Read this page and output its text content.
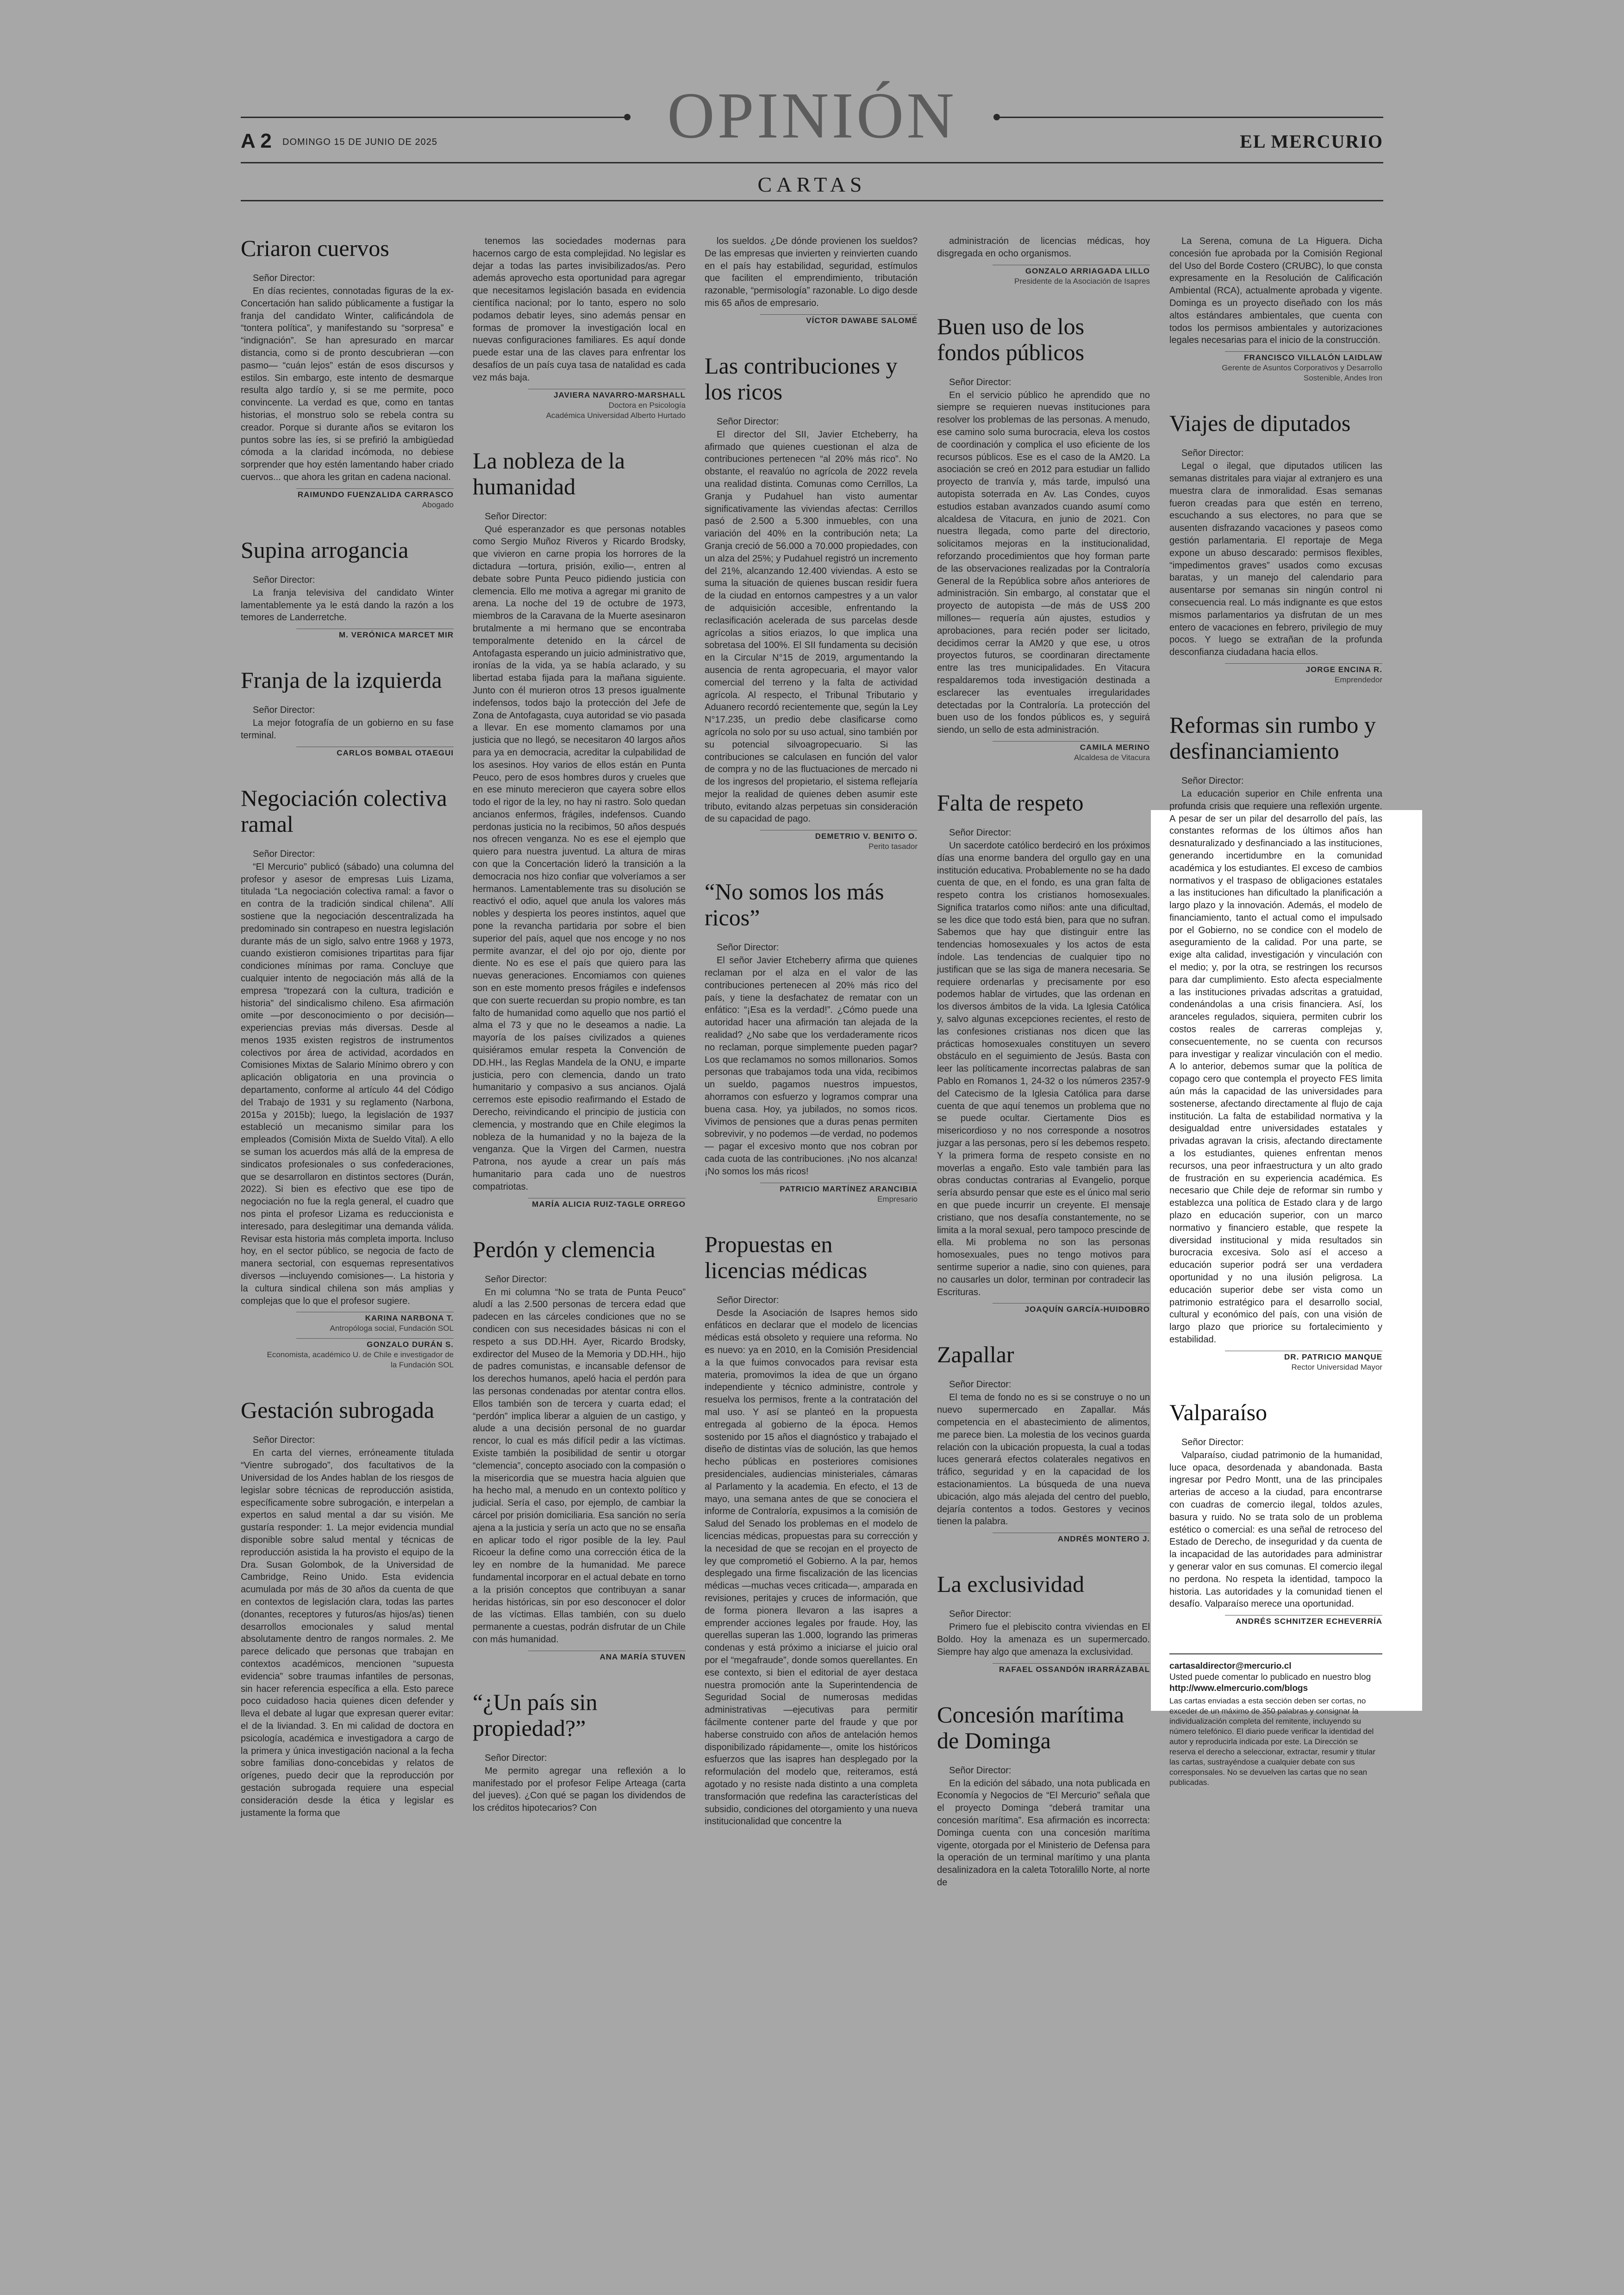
OPINIÓN
A 2 DOMINGO 15 DE JUNIO DE 2025	EL MERCURIO
CARTAS
Criaron cuervos

Señor Director:

En días recientes, connotadas figuras de la ex-Concertación han salido públicamente a fustigar la franja del candidato Winter, calificándola de “tontera política”, y manifestando su “sorpresa” e “indignación”. Se han apresurado en marcar distancia, como si de pronto descubrieran —con pasmo— “cuán lejos” están de esos discursos y estilos. Sin embargo, este intento de desmarque resulta algo tardío y, si se me permite, poco convincente. La verdad es que, como en tantas historias, el monstruo solo se rebela contra su creador. Porque si durante años se evitaron los puntos sobre las íes, si se prefirió la ambigüedad cómoda a la claridad incómoda, no debiese sorprender que hoy estén lamentando haber criado cuervos... que ahora les gritan en cadena nacional.

RAIMUNDO FUENZALIDA CARRASCO
Abogado
Supina arrogancia

Señor Director:

La franja televisiva del candidato Winter lamentablemente ya le está dando la razón a los temores de Landerretche.

M. VERÓNICA MARCET MIR
Franja de la izquierda

Señor Director:

La mejor fotografía de un gobierno en su fase terminal.

CARLOS BOMBAL OTAEGUI
Negociación colectiva ramal

Señor Director:

“El Mercurio” publicó (sábado) una columna del profesor y asesor de empresas Luis Lizama, titulada “La negociación colectiva ramal: a favor o en contra de la tradición sindical chilena”. Allí sostiene que la negociación descentralizada ha predominado sin contrapeso en nuestra legislación durante más de un siglo, salvo entre 1968 y 1973, cuando existieron comisiones tripartitas para fijar condiciones mínimas por rama. Concluye que cualquier intento de negociación más allá de la empresa “tropezará con la cultura, tradición e historia” del sindicalismo chileno. Esa afirmación omite —por desconocimiento o por decisión— experiencias previas más diversas. Desde al menos 1935 existen registros de instrumentos colectivos por área de actividad, acordados en Comisiones Mixtas de Salario Mínimo obrero y con aplicación obligatoria en una provincia o departamento, conforme al artículo 44 del Código del Trabajo de 1931 y su reglamento (Narbona, 2015a y 2015b); luego, la legislación de 1937 estableció un mecanismo similar para los empleados (Comisión Mixta de Sueldo Vital). A ello se suman los acuerdos más allá de la empresa de sindicatos profesionales o sus confederaciones, que se desarrollaron en distintos sectores (Durán, 2022). Si bien es efectivo que ese tipo de negociación no fue la regla general, el cuadro que nos pinta el profesor Lizama es reduccionista e interesado, para deslegitimar una demanda válida. Revisar esta historia más completa importa. Incluso hoy, en el sector público, se negocia de facto de manera sectorial, con esquemas representativos diversos —incluyendo comisiones—. La historia y la cultura sindical chilena son más amplias y complejas que lo que el profesor sugiere.

KARINA NARBONA T.
Antropóloga social, Fundación SOL
GONZALO DURÁN S.
Economista, académico U. de Chile e investigador de
la Fundación SOL
Gestación subrogada

Señor Director:

En carta del viernes, erróneamente titulada “Vientre subrogado”, dos facultativos de la Universidad de los Andes hablan de los riesgos de legislar sobre técnicas de reproducción asistida, específicamente sobre subrogación, e interpelan a expertos en salud mental a dar su visión. Me gustaría responder: 1. La mejor evidencia mundial disponible sobre salud mental y técnicas de reproducción asistida la ha provisto el equipo de la Dra. Susan Golombok, de la Universidad de Cambridge, Reino Unido. Esta evidencia acumulada por más de 30 años da cuenta de que en contextos de legislación clara, todas las partes (donantes, receptores y futuros/as hijos/as) tienen desarrollos emocionales y salud mental absolutamente dentro de rangos normales. 2. Me parece delicado que personas que trabajan en contextos académicos, mencionen “supuesta evidencia” sobre traumas infantiles de personas, sin hacer referencia específica a ella. Esto parece poco cuidadoso hacia quienes dicen defender y lleva el debate al lugar que expresan querer evitar: el de la liviandad. 3. En mi calidad de doctora en psicología, académica e investigadora a cargo de la primera y única investigación nacional a la fecha sobre familias dono-concebidas y relatos de orígenes, puedo decir que la reproducción por gestación subrogada requiere una especial consideración desde la ética y legislar es justamente la forma que

tenemos las sociedades modernas para hacernos cargo de esta complejidad. No legislar es dejar a todas las partes invisibilizados/as. Pero además aprovecho esta oportunidad para agregar que necesitamos legislación basada en evidencia científica nacional; por lo tanto, espero no solo podamos debatir leyes, sino además pensar en formas de promover la investigación local en nuevas configuraciones familiares. Es aquí donde puede estar una de las claves para enfrentar los desafíos de un país cuya tasa de natalidad es cada vez más baja.

JAVIERA NAVARRO-MARSHALL
Doctora en Psicología
Académica Universidad Alberto Hurtado
La nobleza de la humanidad

Señor Director:

Qué esperanzador es que personas notables como Sergio Muñoz Riveros y Ricardo Brodsky, que vivieron en carne propia los horrores de la dictadura —tortura, prisión, exilio—, entren al debate sobre Punta Peuco pidiendo justicia con clemencia. Ello me motiva a agregar mi granito de arena. La noche del 19 de octubre de 1973, miembros de la Caravana de la Muerte asesinaron brutalmente a mi hermano que se encontraba temporalmente detenido en la cárcel de Antofagasta esperando un juicio administrativo que, ironías de la vida, ya se había aclarado, y su libertad estaba fijada para la mañana siguiente. Junto con él murieron otros 13 presos igualmente indefensos, todos bajo la protección del Jefe de Zona de Antofagasta, cuya autoridad se vio pasada a llevar. En ese momento clamamos por una justicia que no llegó, se necesitaron 40 largos años para ya en democracia, acreditar la culpabilidad de los asesinos. Hoy varios de ellos están en Punta Peuco, pero de esos hombres duros y crueles que en ese minuto merecieron que cayera sobre ellos todo el rigor de la ley, no hay ni rastro. Solo quedan ancianos enfermos, frágiles, indefensos. Cuando perdonas justicia no la recibimos, 50 años después nos ofrecen venganza. No es ese el ejemplo que quiero para nuestra juventud. La altura de miras con que la Concertación lideró la transición a la democracia nos hizo confiar que volveríamos a ser hermanos. Lamentablemente tras su disolución se reactivó el odio, aquel que anula los valores más nobles y despierta los peores instintos, aquel que pone la revancha partidaria por sobre el bien superior del país, aquel que nos encoge y no nos permite avanzar, el del ojo por ojo, diente por diente. No es ese el país que quiero para las nuevas generaciones. Encomiamos con quienes son en este momento presos frágiles e indefensos que con suerte recuerdan su propio nombre, es tan falto de humanidad como aquello que nos partió el alma el 73 y que no le deseamos a nadie. La mayoría de los países civilizados a quienes quisiéramos emular respeta la Convención de DD.HH., las Reglas Mandela de la ONU, e imparte justicia, pero con clemencia, dando un trato humanitario y compasivo a sus ancianos. Ojalá cerremos este episodio reafirmando el Estado de Derecho, reivindicando el principio de justicia con clemencia, y mostrando que en Chile elegimos la nobleza de la humanidad y no la bajeza de la venganza. Que la Virgen del Carmen, nuestra Patrona, nos ayude a crear un país más humanitario para cada uno de nuestros compatriotas.

MARÍA ALICIA RUIZ-TAGLE ORREGO
Perdón y clemencia

Señor Director:

En mi columna “No se trata de Punta Peuco” aludí a las 2.500 personas de tercera edad que padecen en las cárceles condiciones que no se condicen con sus necesidades básicas ni con el respeto a sus DD.HH. Ayer, Ricardo Brodsky, exdirector del Museo de la Memoria y DD.HH., hijo de padres comunistas, e incansable defensor de los derechos humanos, apeló hacia el perdón para las personas condenadas por atentar contra ellos. Ellos también son de tercera y cuarta edad; el “perdón” implica liberar a alguien de un castigo, y alude a una decisión personal de no guardar rencor, lo cual es más difícil pedir a las víctimas. Existe también la posibilidad de sentir u otorgar “clemencia”, concepto asociado con la compasión o la misericordia que se muestra hacia alguien que ha hecho mal, a menudo en un contexto político y judicial. Sería el caso, por ejemplo, de cambiar la cárcel por prisión domiciliaria. Esa sanción no sería ajena a la justicia y sería un acto que no se ensaña en aplicar todo el rigor posible de la ley. Paul Ricoeur la define como una corrección ética de la ley en nombre de la humanidad. Me parece fundamental incorporar en el actual debate en torno a la prisión conceptos que contribuyan a sanar heridas históricas, sin por eso desconocer el dolor de las víctimas. Ellas también, con su duelo permanente a cuestas, podrán disfrutar de un Chile con más humanidad.

ANA MARÍA STUVEN
“¿Un país sin propiedad?”

Señor Director:

Me permito agregar una reflexión a lo manifestado por el profesor Felipe Arteaga (carta del jueves). ¿Con qué se pagan los dividendos de los créditos hipotecarios? Con

los sueldos. ¿De dónde provienen los sueldos? De las empresas que invierten y reinvierten cuando en el país hay estabilidad, seguridad, estímulos que faciliten el emprendimiento, tributación razonable, “permisología” razonable. Lo digo desde mis 65 años de empresario.

VÍCTOR DAWABE SALOMÉ
Las contribuciones y los ricos

Señor Director:

El director del SII, Javier Etcheberry, ha afirmado que quienes cuestionan el alza de contribuciones pertenecen “al 20% más rico”. No obstante, el reavalúo no agrícola de 2022 revela una realidad distinta. Comunas como Cerrillos, La Granja y Pudahuel han visto aumentar significativamente las viviendas afectas: Cerrillos pasó de 2.500 a 5.300 inmuebles, con una variación del 40% en la contribución neta; La Granja creció de 56.000 a 70.000 propiedades, con un alza del 25%; y Pudahuel registró un incremento del 21%, alcanzando 12.400 viviendas. A esto se suma la situación de quienes buscan residir fuera de la ciudad en entornos campestres y a un valor de adquisición accesible, enfrentando la reclasificación acelerada de sus parcelas desde agrícolas a sitios eriazos, lo que implica una sobretasa del 100%. El SII fundamenta su decisión en la Circular N°15 de 2019, argumentando la ausencia de renta agropecuaria, el mayor valor comercial del terreno y la falta de actividad agrícola. Al respecto, el Tribunal Tributario y Aduanero recordó recientemente que, según la Ley N°17.235, un predio debe clasificarse como agrícola no solo por su uso actual, sino también por su potencial silvoagropecuario. Si las contribuciones se calculasen en función del valor de compra y no de las fluctuaciones de mercado ni de los ingresos del propietario, el sistema reflejaría mejor la realidad de quienes deben asumir este tributo, evitando alzas perpetuas sin consideración de su capacidad de pago.

DEMETRIO V. BENITO O.
Perito tasador
“No somos los más ricos”

Señor Director:

El señor Javier Etcheberry afirma que quienes reclaman por el alza en el valor de las contribuciones pertenecen al 20% más rico del país, y tiene la desfachatez de rematar con un enfático: “¡Esa es la verdad!”. ¿Cómo puede una autoridad hacer una afirmación tan alejada de la realidad? ¿No sabe que los verdaderamente ricos no reclaman, porque simplemente pueden pagar? Los que reclamamos no somos millonarios. Somos personas que trabajamos toda una vida, recibimos un sueldo, pagamos nuestros impuestos, ahorramos con esfuerzo y logramos comprar una buena casa. Hoy, ya jubilados, no somos ricos. Vivimos de pensiones que a duras penas permiten sobrevivir, y no podemos —de verdad, no podemos— pagar el excesivo monto que nos cobran por cada cuota de las contribuciones. ¡No nos alcanza! ¡No somos los más ricos!

PATRICIO MARTÍNEZ ARANCIBIA
Empresario
Propuestas en licencias médicas

Señor Director:

Desde la Asociación de Isapres hemos sido enfáticos en declarar que el modelo de licencias médicas está obsoleto y requiere una reforma. No es nuevo: ya en 2010, en la Comisión Presidencial a la que fuimos convocados para revisar esta materia, promovimos la idea de que un órgano independiente y técnico administre, controle y resuelva los permisos, frente a la contratación del mal uso. Y así se planteó en la propuesta entregada al gobierno de la época. Hemos sostenido por 15 años el diagnóstico y trabajado el diseño de distintas vías de solución, las que hemos hecho públicas en posteriores comisiones presidenciales, audiencias ministeriales, cámaras al Parlamento y la academia. En efecto, el 13 de mayo, una semana antes de que se conociera el informe de Contraloría, expusimos a la comisión de Salud del Senado los problemas en el modelo de licencias médicas, propuestas para su corrección y la necesidad de que se recojan en el proyecto de ley que comprometió el Gobierno. A la par, hemos desplegado una firme fiscalización de las licencias médicas —muchas veces criticada—, amparada en revisiones, peritajes y cruces de información, que de forma pionera llevaron a las isapres a emprender acciones legales por fraude. Hoy, las querellas superan las 1.000, logrando las primeras condenas y está próximo a iniciarse el juicio oral por el “megafraude”, donde somos querellantes. En ese contexto, si bien el editorial de ayer destaca nuestra promoción ante la Superintendencia de Seguridad Social de numerosas medidas administrativas —ejecutivas para permitir fácilmente contener parte del fraude y que por haberse construido con años de antelación hemos disponibilizado rápidamente—, omite los históricos esfuerzos que las isapres han desplegado por la reformulación del modelo que, reiteramos, está agotado y no resiste nada distinto a una completa transformación que redefina las características del subsidio, condiciones del otorgamiento y una nueva institucionalidad que concentre la

administración de licencias médicas, hoy disgregada en ocho organismos.

GONZALO ARRIAGADA LILLO
Presidente de la Asociación de Isapres
Buen uso de los fondos públicos

Señor Director:

En el servicio público he aprendido que no siempre se requieren nuevas instituciones para resolver los problemas de las personas. A menudo, ese camino solo suma burocracia, eleva los costos de coordinación y complica el uso eficiente de los recursos públicos. Ese es el caso de la AM20. La asociación se creó en 2012 para estudiar un fallido proyecto de tranvía y, más tarde, impulsó una autopista soterrada en Av. Las Condes, cuyos estudios estaban avanzados cuando asumí como alcaldesa de Vitacura, en junio de 2021. Con nuestra llegada, como parte del directorio, solicitamos mejoras en la institucionalidad, reforzando procedimientos que hoy forman parte de las observaciones realizadas por la Contraloría General de la República sobre años anteriores de administración. Sin embargo, al constatar que el proyecto de autopista —de más de US$ 200 millones— requería aún ajustes, estudios y aprobaciones, para recién poder ser licitado, decidimos cerrar la AM20 y que ese, u otros proyectos futuros, se coordinaran directamente entre las tres municipalidades. En Vitacura respaldaremos toda investigación destinada a esclarecer las eventuales irregularidades detectadas por la Contraloría. La protección del buen uso de los fondos públicos es, y seguirá siendo, un sello de esta administración.

CAMILA MERINO
Alcaldesa de Vitacura
Falta de respeto

Señor Director:

Un sacerdote católico berdeciró en los próximos días una enorme bandera del orgullo gay en una institución educativa. Probablemente no se ha dado cuenta de que, en el fondo, es una gran falta de respeto contra los cristianos homosexuales. Significa tratarlos como niños: ante una dificultad, se les dice que todo está bien, para que no sufran. Sabemos que hay que distinguir entre las tendencias homosexuales y los actos de esta índole. Las tendencias de cualquier tipo no justifican que se las siga de manera necesaria. Se requiere ordenarlas y precisamente por eso podemos hablar de virtudes, que las ordenan en los diversos ámbitos de la vida. La Iglesia Católica y, salvo algunas excepciones recientes, el resto de las confesiones cristianas nos dicen que las prácticas homosexuales constituyen un severo obstáculo en el seguimiento de Jesús. Basta con leer las políticamente incorrectas palabras de san Pablo en Romanos 1, 24-32 o los números 2357-9 del Catecismo de la Iglesia Católica para darse cuenta de que aquí tenemos un problema que no se puede ocultar. Ciertamente Dios es misericordioso y no nos corresponde a nosotros juzgar a las personas, pero sí les debemos respeto. Y la primera forma de respeto consiste en no moverlas a engaño. Esto vale también para las obras conductas contrarias al Evangelio, porque sería absurdo pensar que este es el único mal serio en que puede incurrir un creyente. El mensaje cristiano, que nos desafía constantemente, no se limita a la moral sexual, pero tampoco prescinde de ella. Mi problema no son las personas homosexuales, pues no tengo motivos para sentirme superior a nadie, sino con quienes, para no causarles un dolor, terminan por contradecir las Escrituras.

JOAQUÍN GARCÍA-HUIDOBRO
Zapallar

Señor Director:

El tema de fondo no es si se construye o no un nuevo supermercado en Zapallar. Más competencia en el abastecimiento de alimentos, me parece bien. La molestia de los vecinos guarda relación con la ubicación propuesta, la cual a todas luces generará efectos colaterales negativos en tráfico, seguridad y en la capacidad de los estacionamientos. La búsqueda de una nueva ubicación, algo más alejada del centro del pueblo, dejaría contentos a todos. Gestores y vecinos tienen la palabra.

ANDRÉS MONTERO J.
La exclusividad

Señor Director:

Primero fue el plebiscito contra viviendas en El Boldo. Hoy la amenaza es un supermercado. Siempre hay algo que amenaza la exclusividad.

RAFAEL OSSANDÓN IRARRÁZABAL
Concesión marítima de Dominga

Señor Director:

En la edición del sábado, una nota publicada en Economía y Negocios de “El Mercurio” señala que el proyecto Dominga “deberá tramitar una concesión marítima”. Esa afirmación es incorrecta: Dominga cuenta con una concesión marítima vigente, otorgada por el Ministerio de Defensa para la operación de un terminal marítimo y una planta desalinizadora en la caleta Totoralillo Norte, al norte de

La Serena, comuna de La Higuera. Dicha concesión fue aprobada por la Comisión Regional del Uso del Borde Costero (CRUBC), lo que consta expresamente en la Resolución de Calificación Ambiental (RCA), actualmente aprobada y vigente. Dominga es un proyecto diseñado con los más altos estándares ambientales, que cuenta con todos los permisos ambientales y autorizaciones legales necesarias para el inicio de la construcción.

FRANCISCO VILLALÓN LAIDLAW
Gerente de Asuntos Corporativos y Desarrollo
Sostenible, Andes Iron
Viajes de diputados

Señor Director:

Legal o ilegal, que diputados utilicen las semanas distritales para viajar al extranjero es una muestra clara de inmoralidad. Esas semanas fueron creadas para que estén en terreno, escuchando a sus electores, no para que se ausenten disfrazando vacaciones y paseos como gestión parlamentaria. El reportaje de Mega expone un abuso descarado: permisos flexibles, “impedimentos graves” usados como excusas baratas, y un manejo del calendario para ausentarse por semanas sin ningún control ni consecuencia real. Lo más indignante es que estos mismos parlamentarios ya disfrutan de un mes entero de vacaciones en febrero, privilegio de muy pocos. Y luego se extrañan de la profunda desconfianza ciudadana hacia ellos.

JORGE ENCINA R.
Emprendedor
Reformas sin rumbo y desfinanciamiento

Señor Director:

La educación superior en Chile enfrenta una profunda crisis que requiere una reflexión urgente. A pesar de ser un pilar del desarrollo del país, las constantes reformas de los últimos años han desnaturalizado y desfinanciado a las instituciones, generando incertidumbre en la comunidad académica y los estudiantes. El exceso de cambios normativos y el traspaso de obligaciones estatales a las instituciones han dificultado la planificación a largo plazo y la innovación. Además, el modelo de financiamiento, tanto el actual como el impulsado por el Gobierno, no se condice con el modelo de aseguramiento de la calidad. Por una parte, se exige alta calidad, investigación y vinculación con el medio; y, por la otra, se restringen los recursos para dar cumplimiento. Esto afecta especialmente a las instituciones privadas adscritas a gratuidad, condenándolas a una crisis financiera. Así, los aranceles regulados, siquiera, permiten cubrir los costos reales de carreras complejas y, consecuentemente, no se cuenta con recursos para investigar y realizar vinculación con el medio. A lo anterior, debemos sumar que la política de copago cero que contempla el proyecto FES limita aún más la capacidad de las universidades para sostenerse, afectando directamente al flujo de caja institución. La falta de estabilidad normativa y la desigualdad entre universidades estatales y privadas agravan la crisis, afectando directamente a los estudiantes, quienes enfrentan menos recursos, una peor infraestructura y un alto grado de frustración en su experiencia académica. Es necesario que Chile deje de reformar sin rumbo y establezca una política de Estado clara y de largo plazo en educación superior, con un marco normativo y financiero estable, que respete la diversidad institucional y mida resultados sin burocracia excesiva. Solo así el acceso a educación superior podrá ser una verdadera oportunidad y no una ilusión peligrosa. La educación superior debe ser vista como un patrimonio estratégico para el desarrollo social, cultural y económico del país, con una visión de largo plazo que priorice su fortalecimiento y estabilidad.

DR. PATRICIO MANQUE
Rector Universidad Mayor
Valparaíso

Señor Director:

Valparaíso, ciudad patrimonio de la humanidad, luce opaca, desordenada y abandonada. Basta ingresar por Pedro Montt, una de las principales arterias de acceso a la ciudad, para encontrarse con cuadras de comercio ilegal, toldos azules, basura y ruido. No se trata solo de un problema estético o comercial: es una señal de retroceso del Estado de Derecho, de inseguridad y da cuenta de la incapacidad de las autoridades para administrar y generar valor en sus comunas. El comercio ilegal no perdona. No respeta la identidad, tampoco la historia. Las autoridades y la comunidad tienen el desafío. Valparaíso merece una oportunidad.

ANDRÉS SCHNITZER ECHEVERRÍA
cartasaldirector@mercurio.cl
Usted puede comentar lo publicado en nuestro blog
http://www.elmercurio.com/blogs
Las cartas enviadas a esta sección deben ser cortas, no exceder de un máximo de 350 palabras y consignar la individualización completa del remitente, incluyendo su número telefónico. El diario puede verificar la identidad del autor y reproducirla indicada por este. La Dirección se reserva el derecho a seleccionar, extractar, resumir y titular las cartas, sustrayéndose a cualquier debate con sus corresponsales. No se devuelven las cartas que no sean publicadas.
